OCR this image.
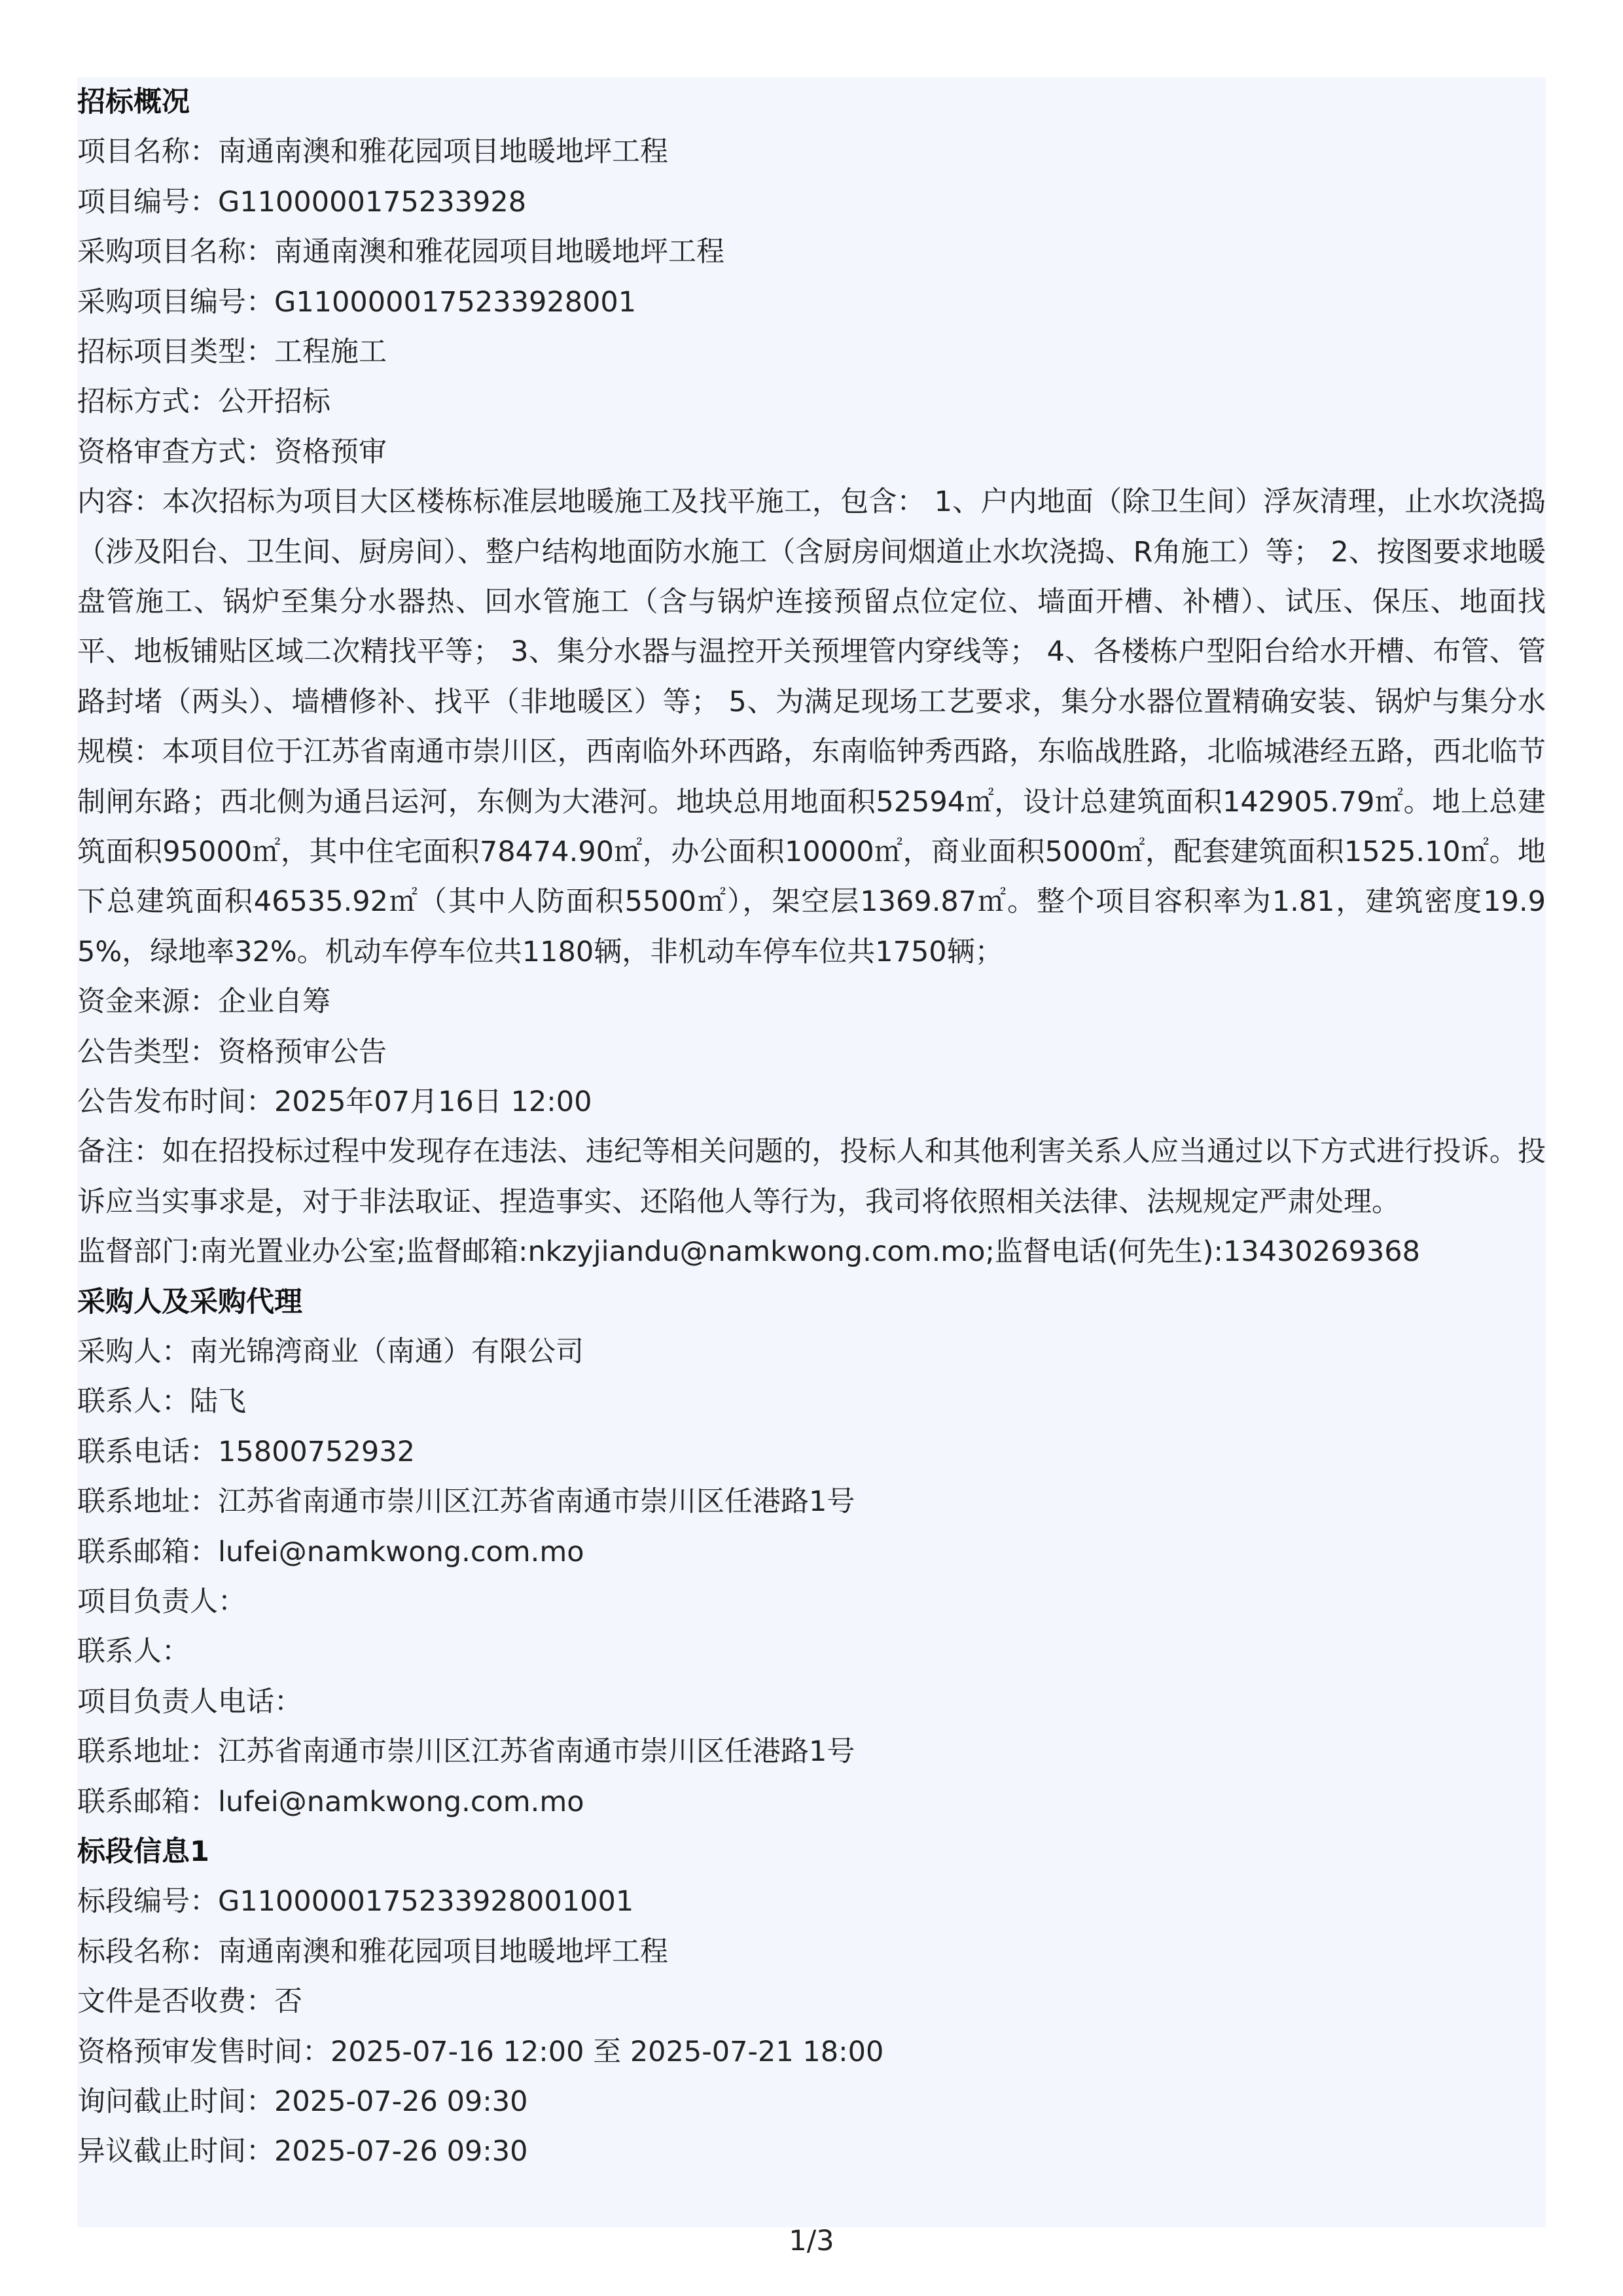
招标概况
项目名称：南通南澳和雅花园项目地暖地坪工程
项目编号：G1100000175233928
采购项目名称：南通南澳和雅花园项目地暖地坪工程
采购项目编号：G1100000175233928001
招标项目类型：工程施工
招标方式：公开招标
资格审查方式：资格预审
内容：本次招标为项目大区楼栋标准层地暖施工及找平施工，包含： 1、户内地面（除卫生间）浮灰清理，止水坎浇捣（涉及阳台、卫生间、厨房间）、整户结构地面防水施工（含厨房间烟道止水坎浇捣、R角施工）等； 2、按图要求地暖盘管施工、锅炉至集分水器热、回水管施工（含与锅炉连接预留点位定位、墙面开槽、补槽）、试压、保压、地面找平、地板铺贴区域二次精找平等； 3、集分水器与温控开关预埋管内穿线等； 4、各楼栋户型阳台给水开槽、布管、管路封堵（两头）、墙槽修补、找平（非地暖区）等； 5、为满足现场工艺要求，集分水器位置精确安装、锅炉与集分水
规模：本项目位于江苏省南通市崇川区，西南临外环西路，东南临钟秀西路，东临战胜路，北临城港经五路，西北临节制闸东路；西北侧为通吕运河，东侧为大港河。地块总用地面积52594㎡，设计总建筑面积142905.79㎡。地上总建筑面积95000㎡，其中住宅面积78474.90㎡，办公面积10000㎡，商业面积5000㎡，配套建筑面积1525.10㎡。地下总建筑面积46535.92㎡（其中人防面积5500㎡），架空层1369.87㎡。整个项目容积率为1.81，建筑密度19.95%，绿地率32%。机动车停车位共1180辆，非机动车停车位共1750辆；
资金来源：企业自筹
公告类型：资格预审公告
公告发布时间：2025年07月16日 12:00
备注：如在招投标过程中发现存在违法、违纪等相关问题的，投标人和其他利害关系人应当通过以下方式进行投诉。投诉应当实事求是，对于非法取证、捏造事实、还陷他人等行为，我司将依照相关法律、法规规定严肃处理。
监督部门:南光置业办公室;监督邮箱:nkzyjiandu@namkwong.com.mo;监督电话(何先生):13430269368
采购人及采购代理
采购人：南光锦湾商业（南通）有限公司
联系人：陆飞
联系电话：15800752932
联系地址：江苏省南通市崇川区江苏省南通市崇川区任港路1号
联系邮箱：lufei@namkwong.com.mo
项目负责人：
联系人：
项目负责人电话：
联系地址：江苏省南通市崇川区江苏省南通市崇川区任港路1号
联系邮箱：lufei@namkwong.com.mo
标段信息1
标段编号：G1100000175233928001001
标段名称：南通南澳和雅花园项目地暖地坪工程
文件是否收费：否
资格预审发售时间：2025-07-16 12:00 至 2025-07-21 18:00
询问截止时间：2025-07-26 09:30
异议截止时间：2025-07-26 09:30
1/3
